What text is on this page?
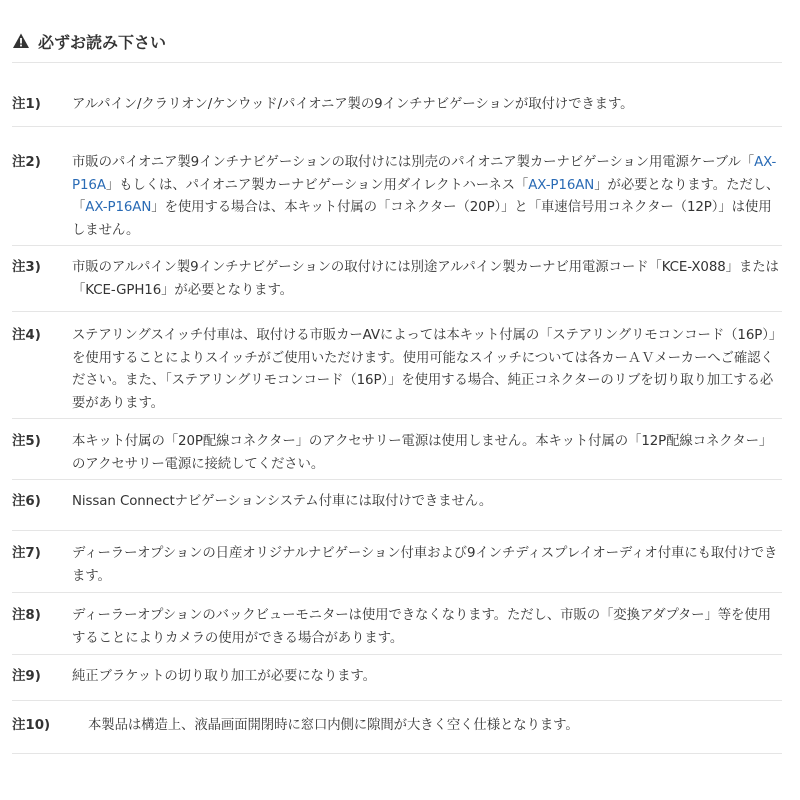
必ずお読み下さい
注1)	アルパイン/クラリオン/ケンウッド/パイオニア製の9インチナビゲーションが取付けできます。
注2)	市販のパイオニア製9インチナビゲーションの取付けには別売のパイオニア製カーナビゲーション用電源ケーブル「AX-P16A」もしくは、パイオニア製カーナビゲーション用ダイレクトハーネス「AX-P16AN」が必要となります。ただし、「AX-P16AN」を使用する場合は、本キット付属の「コネクター（20P）」と「車速信号用コネクター（12P）」は使用しません。
注3)	市販のアルパイン製9インチナビゲーションの取付けには別途アルパイン製カーナビ用電源コード「KCE-X088」または「KCE-GPH16」が必要となります。
注4)	ステアリングスイッチ付車は、取付ける市販カーAVによっては本キット付属の「ステアリングリモコンコード（16P）」を使用することによりスイッチがご使用いただけます。使用可能なスイッチについては各カーＡＶメーカーへご確認ください。また、「ステアリングリモコンコード（16P）」を使用する場合、純正コネクターのリブを切り取り加工する必要があります。
注5)	本キット付属の「20P配線コネクター」のアクセサリー電源は使用しません。本キット付属の「12P配線コネクター」のアクセサリー電源に接続してください。
注6)	Nissan Connectナビゲーションシステム付車には取付けできません。
注7)	ディーラーオプションの日産オリジナルナビゲーション付車および9インチディスプレイオーディオ付車にも取付けできます。
注8)	ディーラーオプションのバックビューモニターは使用できなくなります。ただし、市販の「変換アダプター」等を使用することによりカメラの使用ができる場合があります。
注9)	純正ブラケットの切り取り加工が必要になります。
注10)	本製品は構造上、液晶画面開閉時に窓口内側に隙間が大きく空く仕様となります。
